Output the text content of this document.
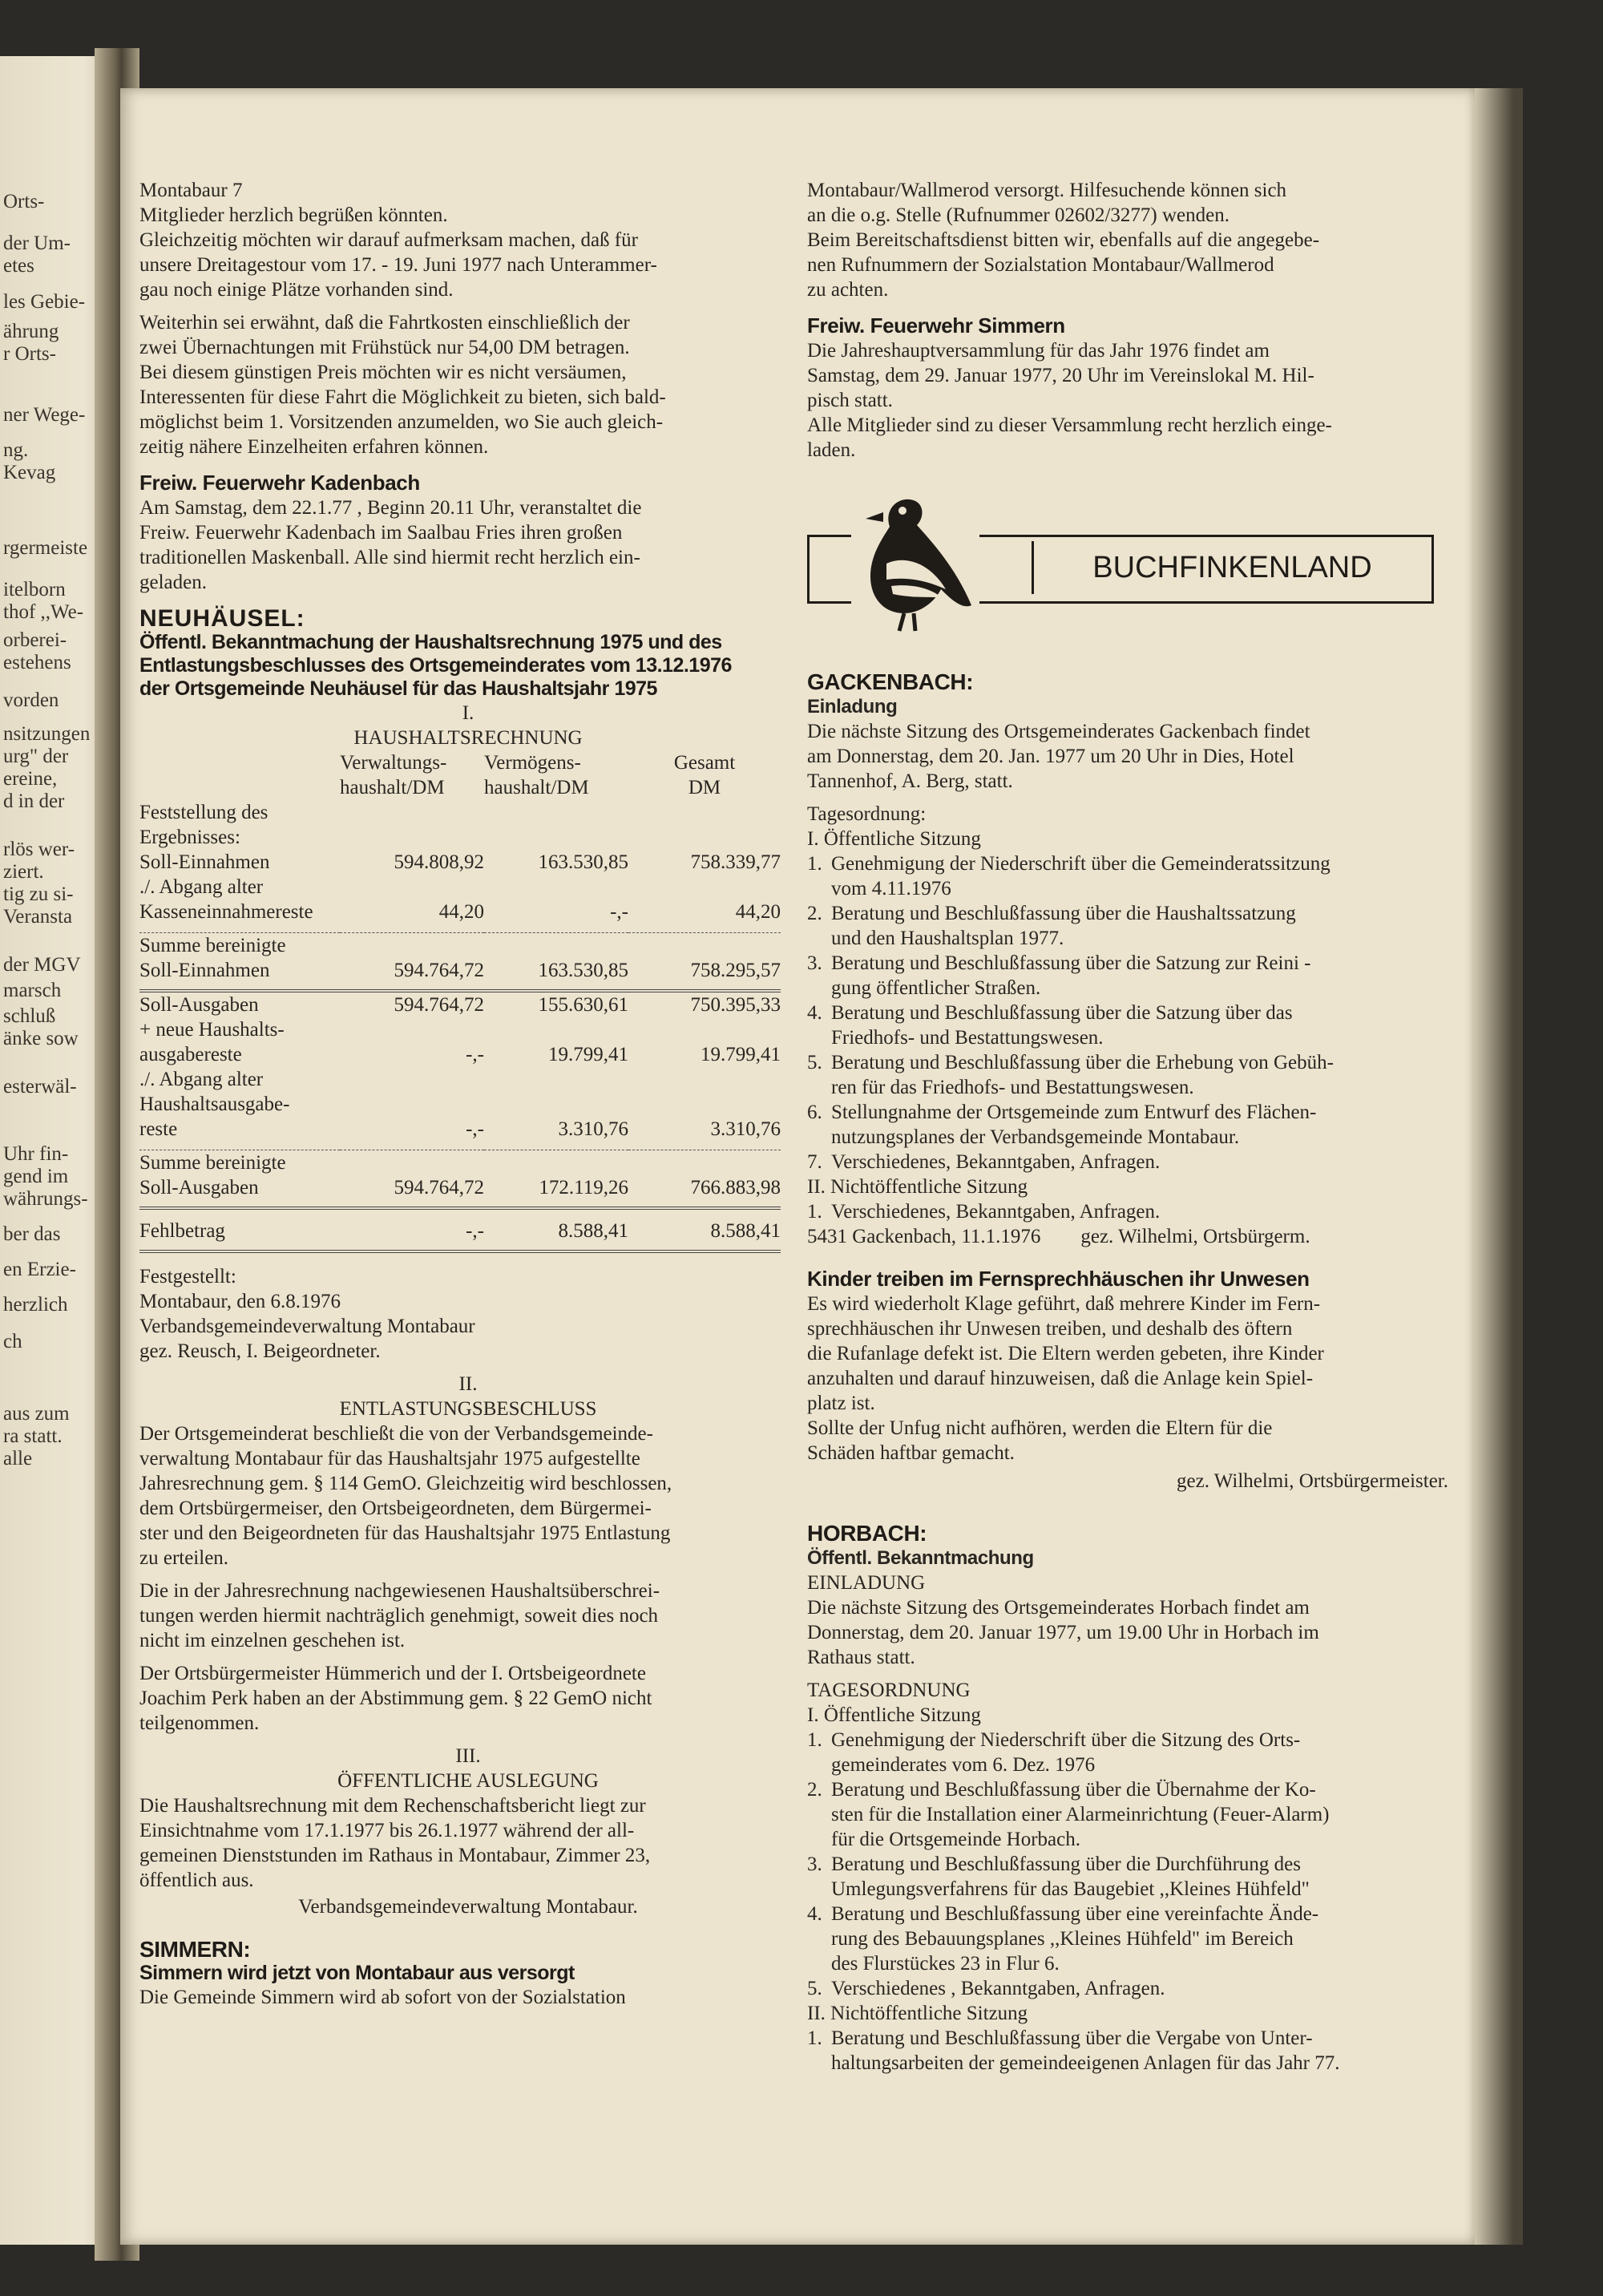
Orts-
der Um-
etes
les Gebie-
ährung
r Orts-
ner Wege-
ng.
Kevag
rgermeiste
itelborn
thof ,,We-
orberei-
estehens
vorden
nsitzungen
urg" der
ereine,
d in der
rlös wer-
ziert.
tig zu si-
Veransta
der MGV
marsch
schluß
änke sow
esterwäl-
Uhr fin-
gend im
währungs-
ber das
en Erzie-
herzlich
ch
aus zum
ra statt.
alle

Montabaur 7
Mitglieder herzlich begrüßen könnten.
Gleichzeitig möchten wir darauf aufmerksam machen, daß für
unsere Dreitagestour vom 17. - 19. Juni 1977 nach Unterammer-
gau noch einige Plätze vorhanden sind.

Weiterhin sei erwähnt, daß die Fahrtkosten einschließlich der
zwei Übernachtungen mit Frühstück nur 54,00 DM betragen.
Bei diesem günstigen Preis möchten wir es nicht versäumen,
Interessenten für diese Fahrt die Möglichkeit zu bieten, sich bald-
möglichst beim 1. Vorsitzenden anzumelden, wo Sie auch gleich-
zeitig nähere Einzelheiten erfahren können.

Freiw. Feuerwehr Kadenbach

Am Samstag, dem 22.1.77 , Beginn 20.11 Uhr, veranstaltet die
Freiw. Feuerwehr Kadenbach im Saalbau Fries ihren großen
traditionellen Maskenball. Alle sind hiermit recht herzlich ein-
geladen.

NEUHÄUSEL:
Öffentl. Bekanntmachung der Haushaltsrechnung 1975 und des
Entlastungsbeschlusses des Ortsgemeinderates vom 13.12.1976
der Ortsgemeinde Neuhäusel für das Haushaltsjahr 1975
I.
HAUSHALTSRECHNUNG
	Verwaltungs-	Vermögens-	Gesamt
	haushalt/DM	haushalt/DM	DM
Feststellung des			
Ergebnisses:			
Soll-Einnahmen	594.808,92	163.530,85	758.339,77
./. Abgang alter			
Kasseneinnahmereste	44,20	-,-	44,20

Summe bereinigte			
Soll-Einnahmen	594.764,72	163.530,85	758.295,57

Soll-Ausgaben	594.764,72	155.630,61	750.395,33
+ neue Haushalts-			
ausgabereste	-,-	19.799,41	19.799,41
./. Abgang alter			
Haushaltsausgabe-			
reste	-,-	3.310,76	3.310,76

Summe bereinigte			
Soll-Ausgaben	594.764,72	172.119,26	766.883,98

Fehlbetrag	-,-	8.588,41	8.588,41

Festgestellt:
Montabaur, den 6.8.1976
Verbandsgemeindeverwaltung Montabaur
gez. Reusch, I. Beigeordneter.

II.
ENTLASTUNGSBESCHLUSS

Der Ortsgemeinderat beschließt die von der Verbandsgemeinde-
verwaltung Montabaur für das Haushaltsjahr 1975 aufgestellte
Jahresrechnung gem. § 114 GemO. Gleichzeitig wird beschlossen,
dem Ortsbürgermeiser, den Ortsbeigeordneten, dem Bürgermei-
ster und den Beigeordneten für das Haushaltsjahr 1975 Entlastung
zu erteilen.

Die in der Jahresrechnung nachgewiesenen Haushaltsüberschrei-
tungen werden hiermit nachträglich genehmigt, soweit dies noch
nicht im einzelnen geschehen ist.

Der Ortsbürgermeister Hümmerich und der I. Ortsbeigeordnete
Joachim Perk haben an der Abstimmung gem. § 22 GemO nicht
teilgenommen.

III.
ÖFFENTLICHE AUSLEGUNG

Die Haushaltsrechnung mit dem Rechenschaftsbericht liegt zur
Einsichtnahme vom 17.1.1977 bis 26.1.1977 während der all-
gemeinen Dienststunden im Rathaus in Montabaur, Zimmer 23,
öffentlich aus.

Verbandsgemeindeverwaltung Montabaur.
SIMMERN:
Simmern wird jetzt von Montabaur aus versorgt
Die Gemeinde Simmern wird ab sofort von der Sozialstation

Montabaur/Wallmerod versorgt. Hilfesuchende können sich
an die o.g. Stelle (Rufnummer 02602/3277) wenden.
Beim Bereitschaftsdienst bitten wir, ebenfalls auf die angegebe-
nen Rufnummern der Sozialstation Montabaur/Wallmerod
zu achten.

Freiw. Feuerwehr Simmern

Die Jahreshauptversammlung für das Jahr 1976 findet am
Samstag, dem 29. Januar 1977, 20 Uhr im Vereinslokal M. Hil-
pisch statt.
Alle Mitglieder sind zu dieser Versammlung recht herzlich einge-
laden.

BUCHFINKENLAND
GACKENBACH:
Einladung

Die nächste Sitzung des Ortsgemeinderates Gackenbach findet
am Donnerstag, dem 20. Jan. 1977 um 20 Uhr in Dies, Hotel
Tannenhof, A. Berg, statt.

Tagesordnung:
I. Öffentliche Sitzung
1. Genehmigung der Niederschrift über die Gemeinderatssitzung
vom 4.11.1976
2. Beratung und Beschlußfassung über die Haushaltssatzung
und den Haushaltsplan 1977.
3. Beratung und Beschlußfassung über die Satzung zur Reini -
gung öffentlicher Straßen.
4. Beratung und Beschlußfassung über die Satzung über das
Friedhofs- und Bestattungswesen.
5. Beratung und Beschlußfassung über die Erhebung von Gebüh-
ren für das Friedhofs- und Bestattungswesen.
6. Stellungnahme der Ortsgemeinde zum Entwurf des Flächen-
nutzungsplanes der Verbandsgemeinde Montabaur.
7. Verschiedenes, Bekanntgaben, Anfragen.
II. Nichtöffentliche Sitzung
1. Verschiedenes, Bekanntgaben, Anfragen.
5431 Gackenbach, 11.1.1976        gez. Wilhelmi, Ortsbürgerm.
Kinder treiben im Fernsprechhäuschen ihr Unwesen

Es wird wiederholt Klage geführt, daß mehrere Kinder im Fern-
sprechhäuschen ihr Unwesen treiben, und deshalb des öftern
die Rufanlage defekt ist. Die Eltern werden gebeten, ihre Kinder
anzuhalten und darauf hinzuweisen, daß die Anlage kein Spiel-
platz ist.
Sollte der Unfug nicht aufhören, werden die Eltern für die
Schäden haftbar gemacht.

gez. Wilhelmi, Ortsbürgermeister.
HORBACH:
Öffentl. Bekanntmachung
EINLADUNG

Die nächste Sitzung des Ortsgemeinderates Horbach findet am
Donnerstag, dem 20. Januar 1977, um 19.00 Uhr in Horbach im
Rathaus statt.

TAGESORDNUNG
I. Öffentliche Sitzung
1. Genehmigung der Niederschrift über die Sitzung des Orts-
gemeinderates vom 6. Dez. 1976
2. Beratung und Beschlußfassung über die Übernahme der Ko-
sten für die Installation einer Alarmeinrichtung (Feuer-Alarm)
für die Ortsgemeinde Horbach.
3. Beratung und Beschlußfassung über die Durchführung des
Umlegungsverfahrens für das Baugebiet ,,Kleines Hühfeld"
4. Beratung und Beschlußfassung über eine vereinfachte Ände-
rung des Bebauungsplanes ,,Kleines Hühfeld" im Bereich
des Flurstückes 23 in Flur 6.
5. Verschiedenes , Bekanntgaben, Anfragen.
II. Nichtöffentliche Sitzung
1. Beratung und Beschlußfassung über die Vergabe von Unter-
haltungsarbeiten der gemeindeeigenen Anlagen für das Jahr 77.
